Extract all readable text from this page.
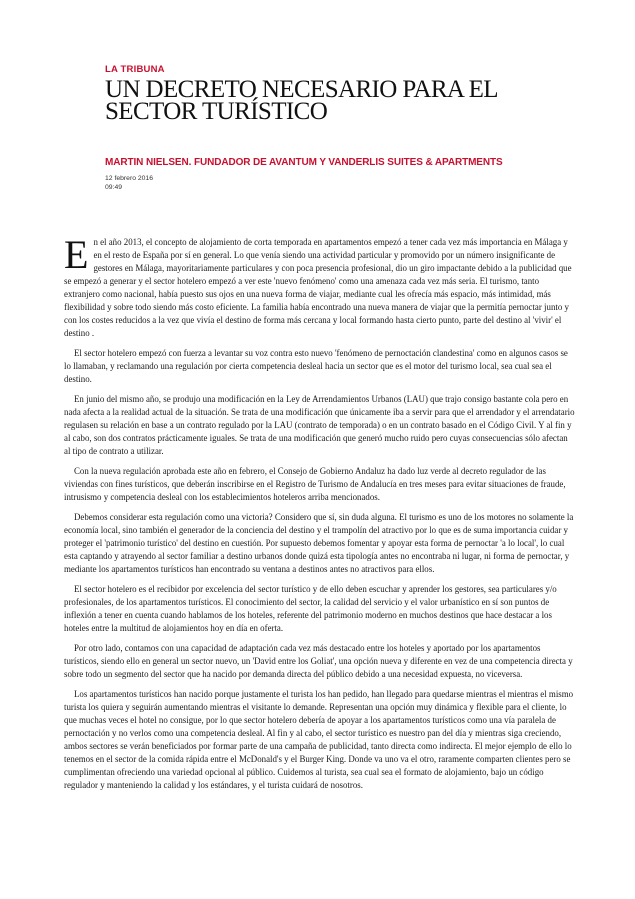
LA TRIBUNA
UN DECRETO NECESARIO PARA EL
SECTOR TURÍSTICO
MARTIN NIELSEN. FUNDADOR DE AVANTUM Y VANDERLIS SUITES & APARTMENTS
12 febrero 2016
09:49

En el año 2013, el concepto de alojamiento de corta temporada en apartamentos empezó a tener cada vez más importancia en Málaga y en el resto de España por sí en general. Lo que venía siendo una actividad particular y promovido por un número insignificante de gestores en Málaga, mayoritariamente particulares y con poca presencia profesional, dio un giro impactante debido a la publicidad que se empezó a generar y el sector hotelero empezó a ver este 'nuevo fenómeno' como una amenaza cada vez más seria. El turismo, tanto extranjero como nacional, había puesto sus ojos en una nueva forma de viajar, mediante cual les ofrecía más espacio, más intimidad, más flexibilidad y sobre todo siendo más costo eficiente. La familia había encontrado una nueva manera de viajar que la permitía pernoctar junto y con los costes reducidos a la vez que vivía el destino de forma más cercana y local formando hasta cierto punto, parte del destino al 'vivir' el destino .

El sector hotelero empezó con fuerza a levantar su voz contra esto nuevo 'fenómeno de pernoctación clandestina' como en algunos casos se lo llamaban, y reclamando una regulación por cierta competencia desleal hacia un sector que es el motor del turismo local, sea cual sea el destino.

En junio del mismo año, se produjo una modificación en la Ley de Arrendamientos Urbanos (LAU) que trajo consigo bastante cola pero en nada afecta a la realidad actual de la situación. Se trata de una modificación que únicamente iba a servir para que el arrendador y el arrendatario regulasen su relación en base a un contrato regulado por la LAU (contrato de temporada) o en un contrato basado en el Código Civil. Y al fin y al cabo, son dos contratos prácticamente iguales. Se trata de una modificación que generó mucho ruido pero cuyas consecuencias sólo afectan al tipo de contrato a utilizar.

Con la nueva regulación aprobada este año en febrero, el Consejo de Gobierno Andaluz ha dado luz verde al decreto regulador de las viviendas con fines turísticos, que deberán inscribirse en el Registro de Turismo de Andalucía en tres meses para evitar situaciones de fraude, intrusismo y competencia desleal con los establecimientos hoteleros arriba mencionados.

Debemos considerar esta regulación como una victoria? Considero que sí, sin duda alguna. El turismo es uno de los motores no solamente la economía local, sino también el generador de la conciencia del destino y el trampolín del atractivo por lo que es de suma importancia cuidar y proteger el 'patrimonio turístico' del destino en cuestión. Por supuesto debemos fomentar y apoyar esta forma de pernoctar 'a lo local', lo cual esta captando y atrayendo al sector familiar a destino urbanos donde quizá esta tipología antes no encontraba ni lugar, ni forma de pernoctar, y mediante los apartamentos turísticos han encontrado su ventana a destinos antes no atractivos para ellos.

El sector hotelero es el recibidor por excelencia del sector turístico y de ello deben escuchar y aprender los gestores, sea particulares y/o profesionales, de los apartamentos turísticos. El conocimiento del sector, la calidad del servicio y el valor urbanístico en sí son puntos de inflexión a tener en cuenta cuando hablamos de los hoteles, referente del patrimonio moderno en muchos destinos que hace destacar a los hoteles entre la multitud de alojamientos hoy en día en oferta.

Por otro lado, contamos con una capacidad de adaptación cada vez más destacado entre los hoteles y aportado por los apartamentos turísticos, siendo ello en general un sector nuevo, un 'David entre los Goliat', una opción nueva y diferente en vez de una competencia directa y sobre todo un segmento del sector que ha nacido por demanda directa del público debido a una necesidad expuesta, no viceversa.

Los apartamentos turísticos han nacido porque justamente el turista los han pedido, han llegado para quedarse mientras el mientras el mismo turista los quiera y seguirán aumentando mientras el visitante lo demande. Representan una opción muy dinámica y flexible para el cliente, lo que muchas veces el hotel no consigue, por lo que sector hotelero debería de apoyar a los apartamentos turísticos como una vía paralela de pernoctación y no verlos como una competencia desleal. Al fin y al cabo, el sector turístico es nuestro pan del día y mientras siga creciendo, ambos sectores se verán beneficiados por formar parte de una campaña de publicidad, tanto directa como indirecta. El mejor ejemplo de ello lo tenemos en el sector de la comida rápida entre el McDonald's y el Burger King. Donde va uno va el otro, raramente comparten clientes pero se cumplimentan ofreciendo una variedad opcional al público. Cuidemos al turista, sea cual sea el formato de alojamiento, bajo un código regulador y manteniendo la calidad y los estándares, y el turista cuidará de nosotros.
